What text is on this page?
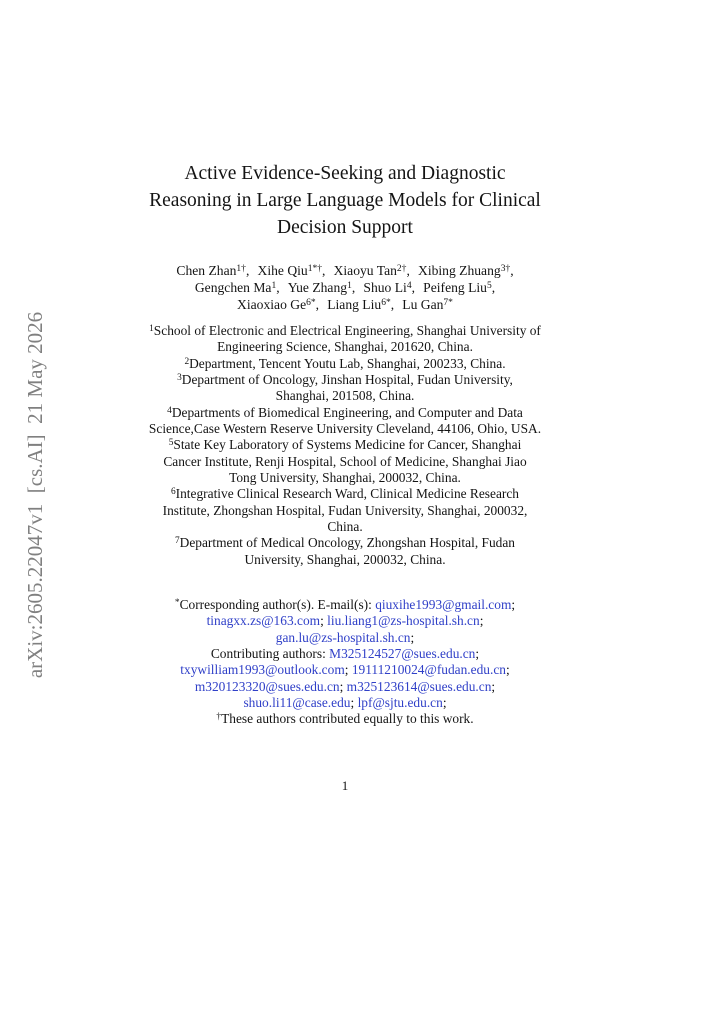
arXiv:2605.22047v1  [cs.AI]  21 May 2026
Active Evidence-Seeking and Diagnostic
Reasoning in Large Language Models for Clinical
Decision Support
Chen Zhan$^{1\dagger}$, Xihe Qiu$^{1*\dagger}$, Xiaoyu Tan$^{2\dagger}$, Xibing Zhuang$^{3\dagger}$,
Gengchen Ma$^1$, Yue Zhang$^1$, Shuo Li$^4$, Peifeng Liu$^5$,
Xiaoxiao $Ge^{6*}$, Liang Liu$^{6*}$, Lu Gan$^{7*}$
$^1$School of Electronic and Electrical Engineering, Shanghai University of
Engineering Science, Shanghai, 201620, China.
$^2$Department, Tencent Youtu Lab, Shanghai, 200233, China.
$^3$Department of Oncology, Jinshan Hospital, Fudan University,
Shanghai, 201508, China.
$^4$Departments of Biomedical Engineering, and Computer and Data
Science,Case Western Reserve University Cleveland, 44106, Ohio, USA.
$^5$State Key Laboratory of Systems Medicine for Cancer, Shanghai
Cancer Institute, Renji Hospital, School of Medicine, Shanghai Jiao
Tong University, Shanghai, 200032, China.
$^6$Integrative Clinical Research Ward, Clinical Medicine Research
Institute, Zhongshan Hospital, Fudan University, Shanghai, 200032,
China.
$^7$Department of Medical Oncology, Zhongshan Hospital, Fudan
University, Shanghai, 200032, China.
*Corresponding author(s). E-mail(s): qiuxihe1993@gmail.com;
tinagxx.zs@163.com; liu.liang1@zs-hospital.sh.cn;
gan.lu@zs-hospital.sh.cn;
Contributing authors: M325124527@sues.edu.cn;
txywilliam1993@outlook.com; 19111210024@fudan.edu.cn;
m320123320@sues.edu.cn; m325123614@sues.edu.cn;
shuo.li11@case.edu; lpf@sjtu.edu.cn;
†These authors contributed equally to this work.
1
